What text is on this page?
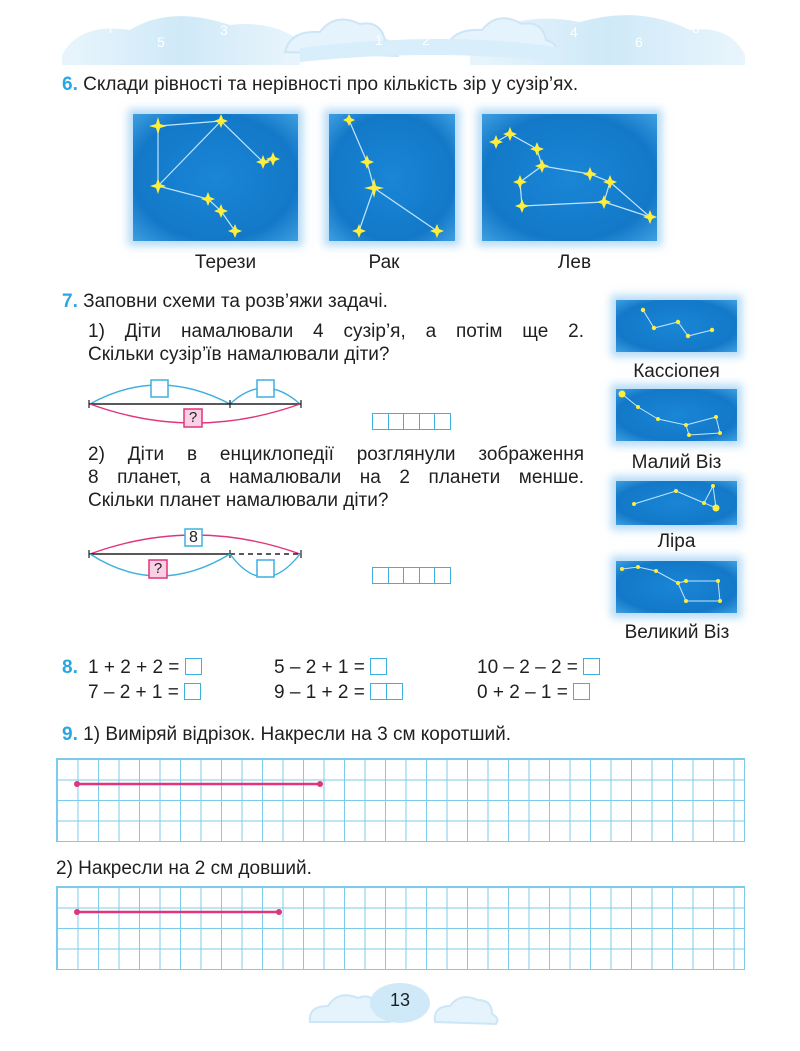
7
5
3
1
0
2	4
6
8
6. Склади рівності та нерівності про кількість зір у сузір’ях.
Терези	Рак	Лев
7. Заповни схеми та розв’яжи задачі.
1) Діти намалювали 4 сузір’я, а потім ще 2.
Скільки сузір’їв намалювали діти?
?
2) Діти в енциклопедії розглянули зображення
8 планет, а намалювали на 2 планети менше.
Скільки планет намалювали діти?
8
?
Кассіопея
Малий Віз
Ліра
Великий Віз
8. 1 + 2 + 2 =	5 – 2 + 1 =	10 – 2 – 2 =
7 – 2 + 1 =	9 – 1 + 2 =	0 + 2 – 1 =
9. 1) Виміряй відрізок. Накресли на 3 см коротший.
2) Накресли на 2 см довший.
13
